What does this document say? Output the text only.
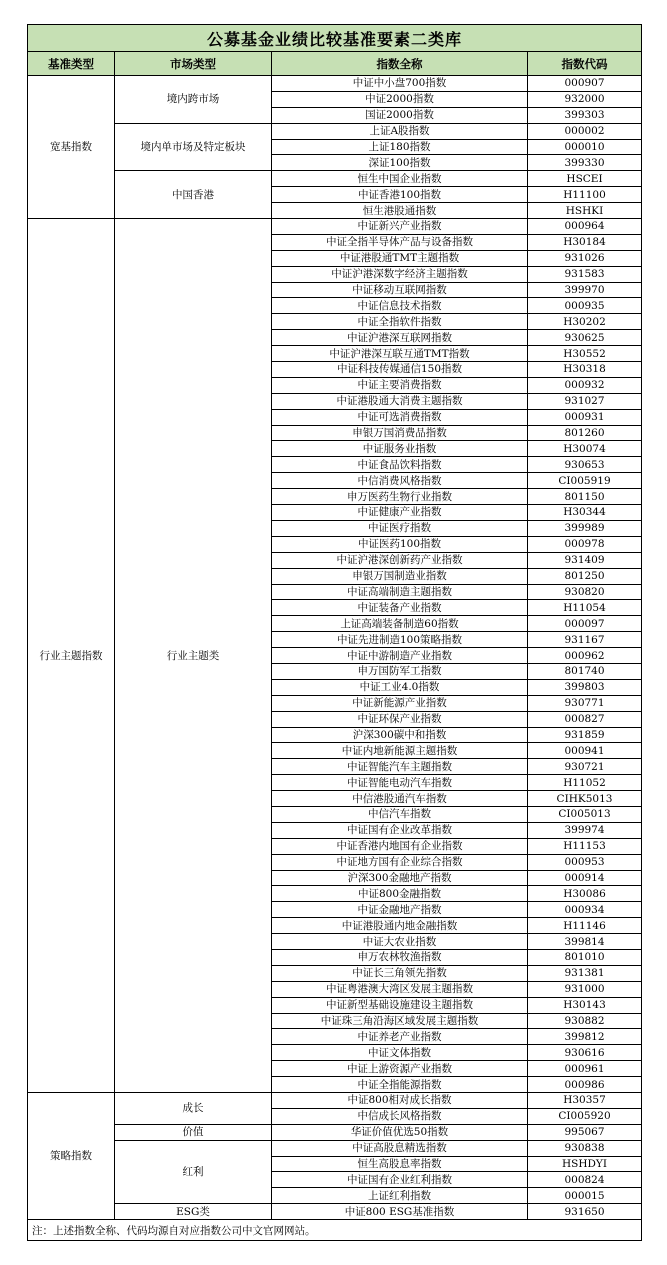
公募基金业绩比较基准要素二类库			
基准类型	市场类型	指数全称	指数代码
宽基指数	境内跨市场	中证中小盘700指数	000907
		中证2000指数	932000
		国证2000指数	399303
	境内单市场及特定板块	上证A股指数	000002
		上证180指数	000010
		深证100指数	399330
	中国香港	恒生中国企业指数	HSCEI
		中证香港100指数	H11100
		恒生港股通指数	HSHKI
行业主题指数	行业主题类	中证新兴产业指数	000964
		中证全指半导体产品与设备指数	H30184
		中证港股通TMT主题指数	931026
		中证沪港深数字经济主题指数	931583
		中证移动互联网指数	399970
		中证信息技术指数	000935
		中证全指软件指数	H30202
		中证沪港深互联网指数	930625
		中证沪港深互联互通TMT指数	H30552
		中证科技传媒通信150指数	H30318
		中证主要消费指数	000932
		中证港股通大消费主题指数	931027
		中证可选消费指数	000931
		申银万国消费品指数	801260
		中证服务业指数	H30074
		中证食品饮料指数	930653
		中信消费风格指数	CI005919
		申万医药生物行业指数	801150
		中证健康产业指数	H30344
		中证医疗指数	399989
		中证医药100指数	000978
		中证沪港深创新药产业指数	931409
		申银万国制造业指数	801250
		中证高端制造主题指数	930820
		中证装备产业指数	H11054
		上证高端装备制造60指数	000097
		中证先进制造100策略指数	931167
		中证中游制造产业指数	000962
		申万国防军工指数	801740
		中证工业4.0指数	399803
		中证新能源产业指数	930771
		中证环保产业指数	000827
		沪深300碳中和指数	931859
		中证内地新能源主题指数	000941
		中证智能汽车主题指数	930721
		中证智能电动汽车指数	H11052
		中信港股通汽车指数	CIHK5013
		中信汽车指数	CI005013
		中证国有企业改革指数	399974
		中证香港内地国有企业指数	H11153
		中证地方国有企业综合指数	000953
		沪深300金融地产指数	000914
		中证800金融指数	H30086
		中证金融地产指数	000934
		中证港股通内地金融指数	H11146
		中证大农业指数	399814
		申万农林牧渔指数	801010
		中证长三角领先指数	931381
		中证粤港澳大湾区发展主题指数	931000
		中证新型基础设施建设主题指数	H30143
		中证珠三角沿海区域发展主题指数	930882
		中证养老产业指数	399812
		中证文体指数	930616
		中证上游资源产业指数	000961
		中证全指能源指数	000986
策略指数	成长	中证800相对成长指数	H30357
		中信成长风格指数	CI005920
	价值	华证价值优选50指数	995067
	红利	中证高股息精选指数	930838
		恒生高股息率指数	HSHDYI
		中证国有企业红利指数	000824
		上证红利指数	000015
	ESG类	中证800 ESG基准指数	931650
注：上述指数全称、代码均源自对应指数公司中文官网网站。			
